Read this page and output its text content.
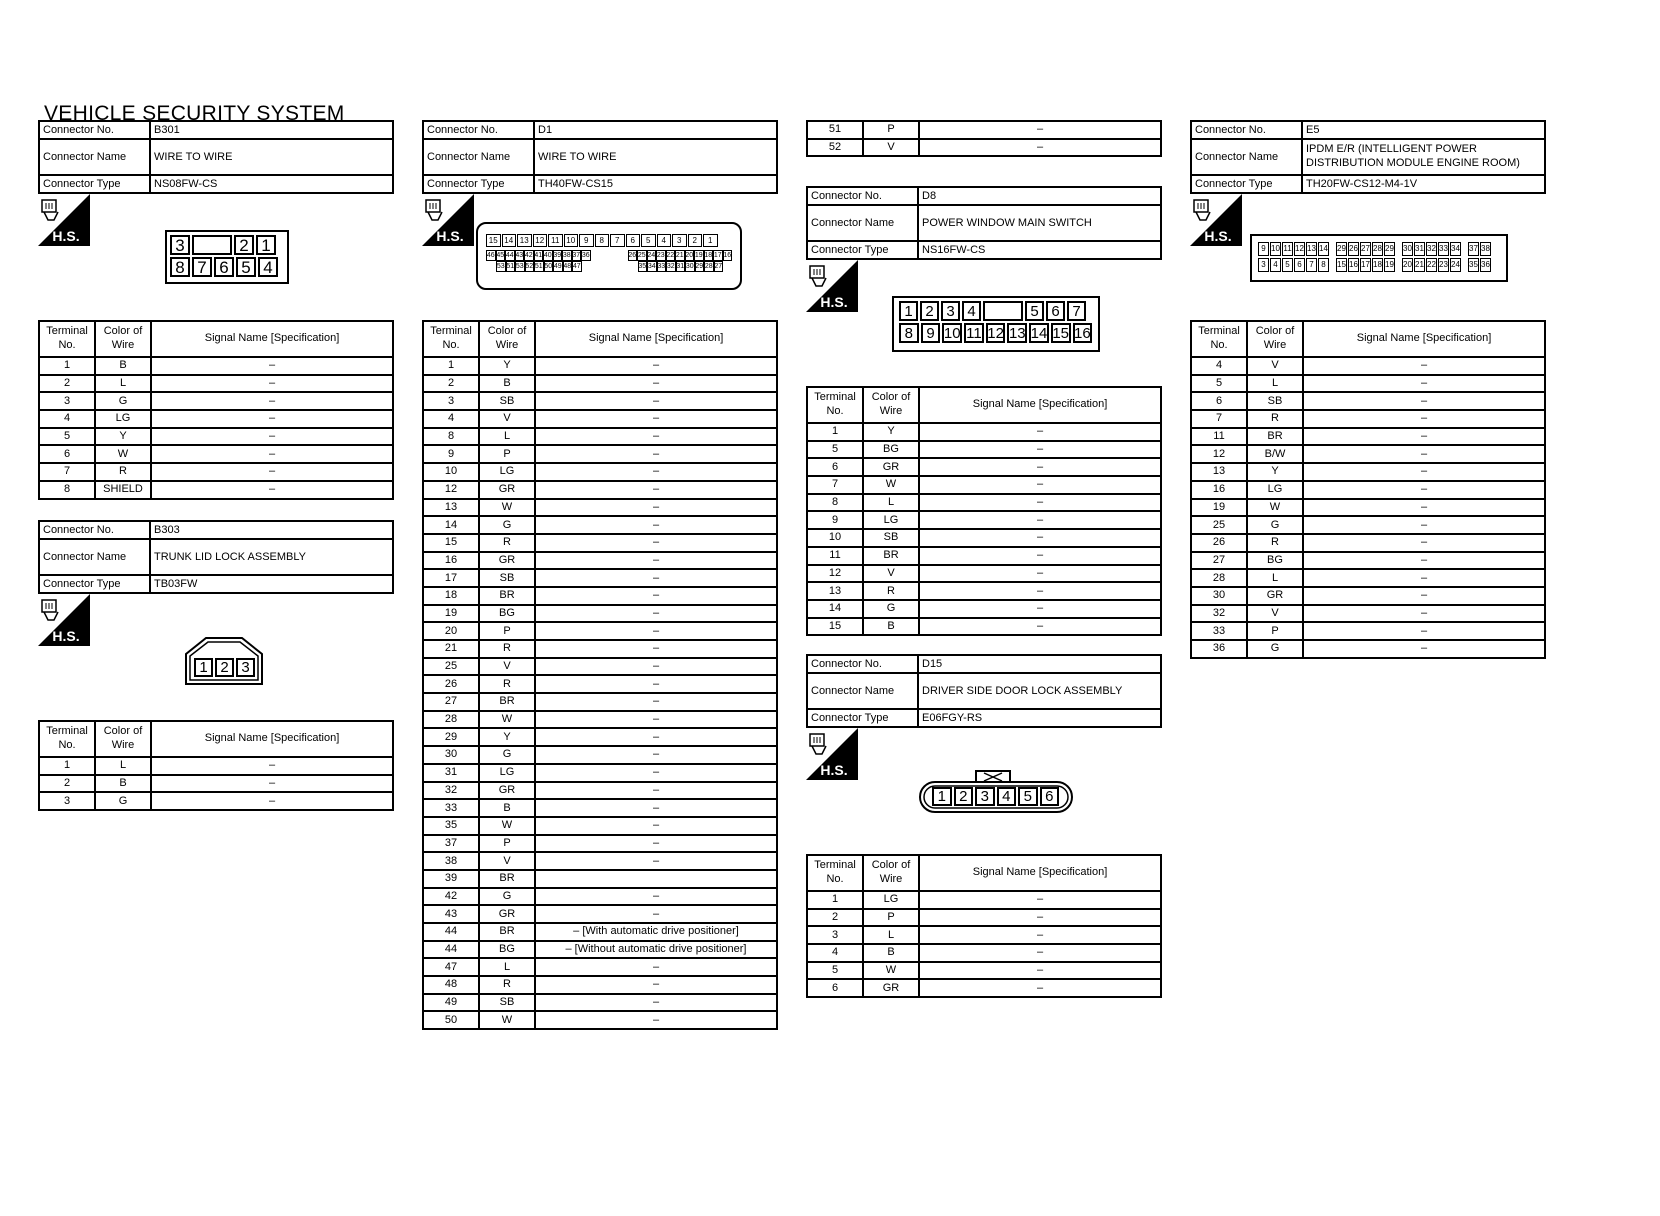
VEHICLE SECURITY SYSTEM
Connector No.	B301
Connector Name	WIRE TO WIRE
Connector Type	NS08FW-CS
H.S.	3	2 1
8 7 6 5 4
Terminal No.	Color of Wire	Signal Name [Specification]
1	B	–
2	L	–
3	G	–
4	LG	–
5	Y	–
6	W	–
7	R	–
8	SHIELD	–
Connector No.	B303
Connector Name	TRUNK LID LOCK ASSEMBLY
Connector Type	TB03FW
H.S.
1 2 3
Terminal No.	Color of Wire	Signal Name [Specification]
1	L	–
2	B	–
3	G	–
Connector No.	D1
Connector Name	WIRE TO WIRE
Connector Type	TH40FW-CS15
H.S.	15 14 13 12 11 10	9	8	7	6	5	4	3	2	1
46 45 44 43 42 41 40 39 38 37 36
53 51 53 52 51 50 49 48 47
26 25 24 23 22 21 20 19 18 17 16
35 34 33 32 31 30 29 28 27
Terminal No.	Color of Wire	Signal Name [Specification]
1	Y	–
2	B	–
3	SB	–
4	V	–
8	L	–
9	P	–
10	LG	–
12	GR	–
13	W	–
14	G	–
15	R	–
16	GR	–
17	SB	–
18	BR	–
19	BG	–
20	P	–
21	R	–
25	V	–
26	R	–
27	BR	–
28	W	–
29	Y	–
30	G	–
31	LG	–
32	GR	–
33	B	–
35	W	–
37	P	–
38	V	–
39	BR	
42	G	–
43	GR	–
44	BR	– [With automatic drive positioner]
44	BG	– [Without automatic drive positioner]
47	L	–
48	R	–
49	SB	–
50	W	–
51	P	–
52	V	–
Connector No.	D8
Connector Name	POWER WINDOW MAIN SWITCH
Connector Type	NS16FW-CS
H.S.
1 2 3 4	5 6 7
8 9 10 11 12 13 14 15 16
Terminal No.	Color of Wire	Signal Name [Specification]
1	Y	–
5	BG	–
6	GR	–
7	W	–
8	L	–
9	LG	–
10	SB	–
11	BR	–
12	V	–
13	R	–
14	G	–
15	B	–
Connector No.	D15
Connector Name	DRIVER SIDE DOOR LOCK ASSEMBLY
Connector Type	E06FGY-RS
H.S.
1 2 3 4 5 6
Terminal No.	Color of Wire	Signal Name [Specification]
1	LG	–
2	P	–
3	L	–
4	B	–
5	W	–
6	GR	–
Connector No.	E5
Connector Name	IPDM E/R (INTELLIGENT POWER DISTRIBUTION MODULE ENGINE ROOM)
Connector Type	TH20FW-CS12-M4-1V
H.S.
9 10 11 12 13 14 29 26 27 28 29 30 31 32 33 34 37 38
3 4 5 6 7 8	15 16 17 18 19 20 21 22 23 24 35 36
Terminal No.	Color of Wire	Signal Name [Specification]
4	V	–
5	L	–
6	SB	–
7	R	–
11	BR	–
12	B/W	–
13	Y	–
16	LG	–
19	W	–
25	G	–
26	R	–
27	BG	–
28	L	–
30	GR	–
32	V	–
33	P	–
36	G	–
